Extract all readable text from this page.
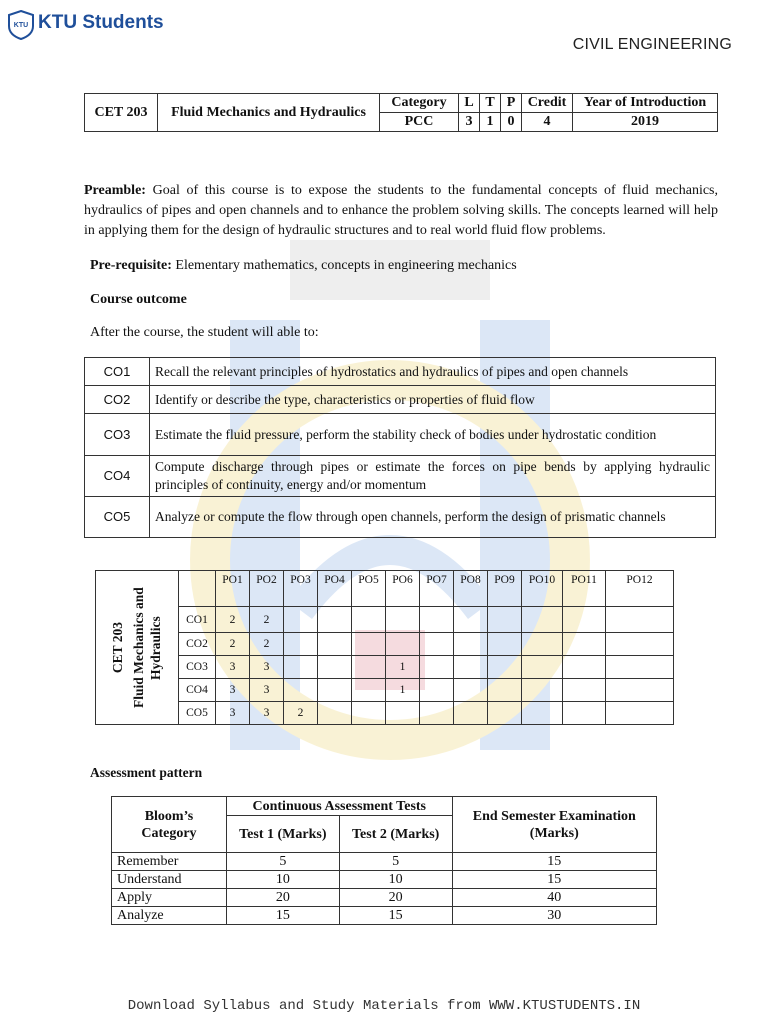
KTU KTU Students
CIVIL ENGINEERING
CET 203	Fluid Mechanics and Hydraulics	Category	L	T	P	Credit	Year of Introduction
		PCC	3	1	0	4	2019
Preamble: Goal of this course is to expose the students to the fundamental concepts of fluid mechanics, hydraulics of pipes and open channels and to enhance the problem solving skills. The concepts learned will help in applying them for the design of hydraulic structures and to real world fluid flow problems.
Pre-requisite: Elementary mathematics, concepts in engineering mechanics
Course outcome
After the course, the student will able to:
CO1	Recall the relevant principles of hydrostatics and hydraulics of pipes and open channels
CO2	Identify or describe the type, characteristics or properties of fluid flow
CO3	Estimate the fluid pressure, perform the stability check of bodies under hydrostatic condition
CO4	Compute discharge through pipes or estimate the forces on pipe bends by applying hydraulic principles of continuity, energy and/or momentum
CO5	Analyze or compute the flow through open channels, perform the design of prismatic channels
CET 203 Fluid Mechanics and Hydraulics		PO1	PO2	PO3	PO4	PO5	PO6	PO7	PO8	PO9	PO10	PO11	PO12
	CO1	2	2										
	CO2	2	2										
	CO3	3	3				1						
	CO4	3	3				1						
	CO5	3	3	2									
Assessment pattern
Bloom’s Category	Continuous Assessment Tests		End Semester Examination (Marks)
	Test 1 (Marks)	Test 2 (Marks)	
Remember	5	5	15
Understand	10	10	15
Apply	20	20	40
Analyze	15	15	30
Download Syllabus and Study Materials from WWW.KTUSTUDENTS.IN
